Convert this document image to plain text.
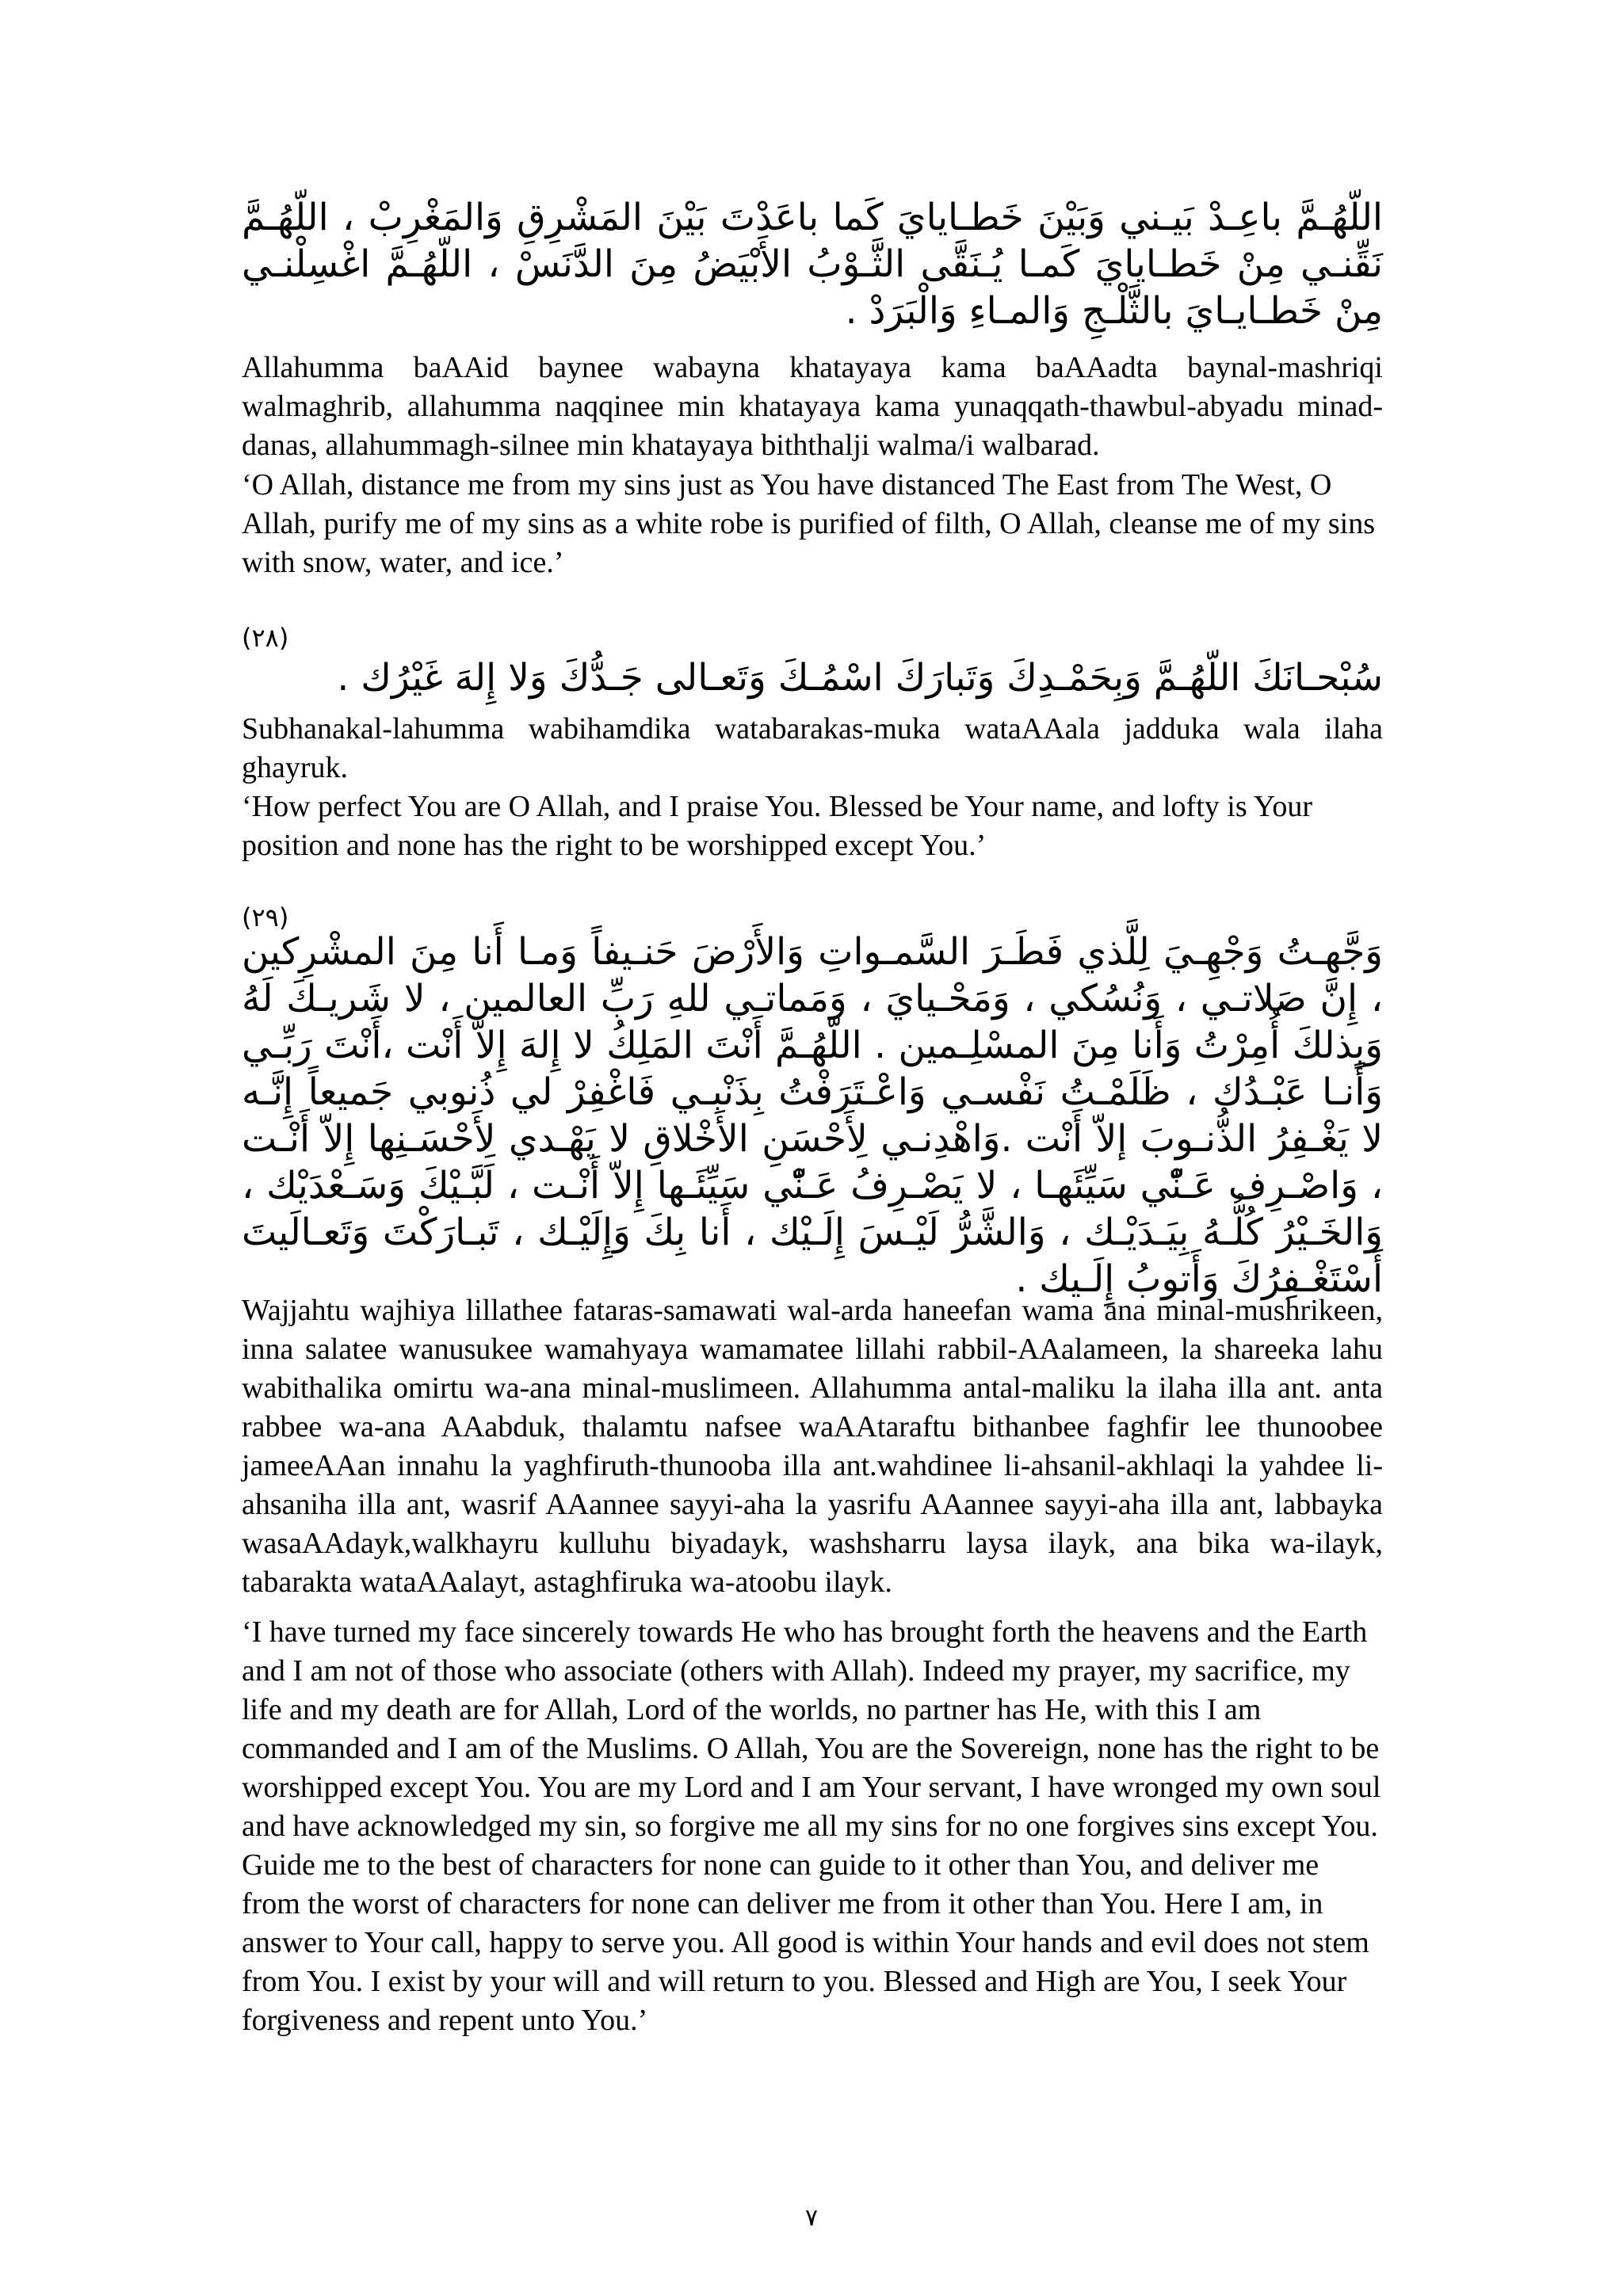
اللّهُـمَّ باعِـدْ بَيـني وَبَيْنَ خَطـايايَ كَما باعَدْتَ بَيْنَ المَشْرِقِ وَالمَغْرِبْ ، اللّهُـمَّ نَقِّنـي مِنْ خَطـايايَ كَمـا يُـنَقَّى الثَّـوْبُ الأَبْيَضُ مِنَ الدَّنَسْ ، اللّهُـمَّ اغْسِلْنـي مِنْ خَطـايـايَ بالثَّلْـجِ وَالمـاءِ وَالْبَرَدْ .

Allahumma baAAid baynee wabayna khatayaya kama baAAadta baynal-mashriqi walmaghrib, allahumma naqqinee min khatayaya kama yunaqqath-thawbul-abyadu minad-danas, allahummagh-silnee min khatayaya biththalji walma/i walbarad.

‘O Allah, distance me from my sins just as You have distanced The East from The West, O Allah, purify me of my sins as a white robe is purified of filth, O Allah, cleanse me of my sins with snow, water, and ice.’

(٢٨)

سُبْحـانَكَ اللّهُـمَّ وَبِحَمْـدِكَ وَتَبارَكَ اسْمُـكَ وَتَعـالى جَـدُّكَ وَلا إِلهَ غَيْرُك .

Subhanakal-lahumma wabihamdika watabarakas-muka wataAAala jadduka wala ilaha ghayruk.

‘How perfect You are O Allah, and I praise You. Blessed be Your name, and lofty is Your position and none has the right to be worshipped except You.’

(٢٩)

وَجَّهـتُ وَجْهِـيَ لِلَّذي فَطَـرَ السَّمـواتِ وَالأَرْضَ حَنـيفاً وَمـا أَنا مِنَ المشْرِكين ، إِنَّ صَلاتـي ، وَنُسُكي ، وَمَحْـيايَ ، وَمَماتـي للهِ رَبِّ العالمين ، لا شَريـكَ لَهُ وَبِذلكَ أُمِرْتُ وَأَنا مِنَ المسْلِـمين . اللّهُـمَّ أَنْتَ المَلِكُ لا إِلهَ إِلاّ أَنْت ،أَنْتَ رَبِّـي وَأَنـا عَبْـدُك ، ظَلَمْـتُ نَفْسـي وَاعْـتَرَفْتُ بِذَنْبـي فَاغْفِرْ لي ذُنوبي جَميعاً إِنَّـه لا يَغْـفِرُ الذُّنـوبَ إلاّ أَنْت .وَاهْدِنـي لِأَحْسَنِ الأَخْلاقِ لا يَهْـدي لِأَحْسَـنِها إِلاّ أَنْـت ، وَاصْـرِف عَـنّْي سَيِّئَهـا ، لا يَصْـرِفُ عَـنّْي سَيِّئَـها إِلاّ أَنْـت ، لَبَّـيْكَ وَسَـعْدَيْك ، وَالخَـيْرُ كُلُّـهُ بِيَـدَيْـك ، وَالشَّرُّ لَيْـسَ إِلَـيْك ، أَنا بِكَ وَإِلَيْـك ، تَبـارَكْتَ وَتَعـالَيتَ أَسْتَغْـفِرُكَ وَأَتوبُ إِلَـيك .

Wajjahtu wajhiya lillathee fataras-samawati wal-arda haneefan wama ana minal-mushrikeen, inna salatee wanusukee wamahyaya wamamatee lillahi rabbil-AAalameen, la shareeka lahu wabithalika omirtu wa-ana minal-muslimeen. Allahumma antal-maliku la ilaha illa ant. anta rabbee wa-ana AAabduk, thalamtu nafsee waAAtaraftu bithanbee faghfir lee thunoobee jameeAAan innahu la yaghfiruth-thunooba illa ant.wahdinee li-ahsanil-akhlaqi la yahdee li-ahsaniha illa ant, wasrif AAannee sayyi-aha la yasrifu AAannee sayyi-aha illa ant, labbayka wasaAAdayk,walkhayru kulluhu biyadayk, washsharru laysa ilayk, ana bika wa-ilayk, tabarakta wataAAalayt, astaghfiruka wa-atoobu ilayk.

‘I have turned my face sincerely towards He who has brought forth the heavens and the Earth and I am not of those who associate (others with Allah). Indeed my prayer, my sacrifice, my life and my death are for Allah, Lord of the worlds, no partner has He, with this I am commanded and I am of the Muslims. O Allah, You are the Sovereign, none has the right to be worshipped except You. You are my Lord and I am Your servant, I have wronged my own soul and have acknowledged my sin, so forgive me all my sins for no one forgives sins except You. Guide me to the best of characters for none can guide to it other than You, and deliver me from the worst of characters for none can deliver me from it other than You. Here I am, in answer to Your call, happy to serve you. All good is within Your hands and evil does not stem from You. I exist by your will and will return to you. Blessed and High are You, I seek Your forgiveness and repent unto You.’

٧
